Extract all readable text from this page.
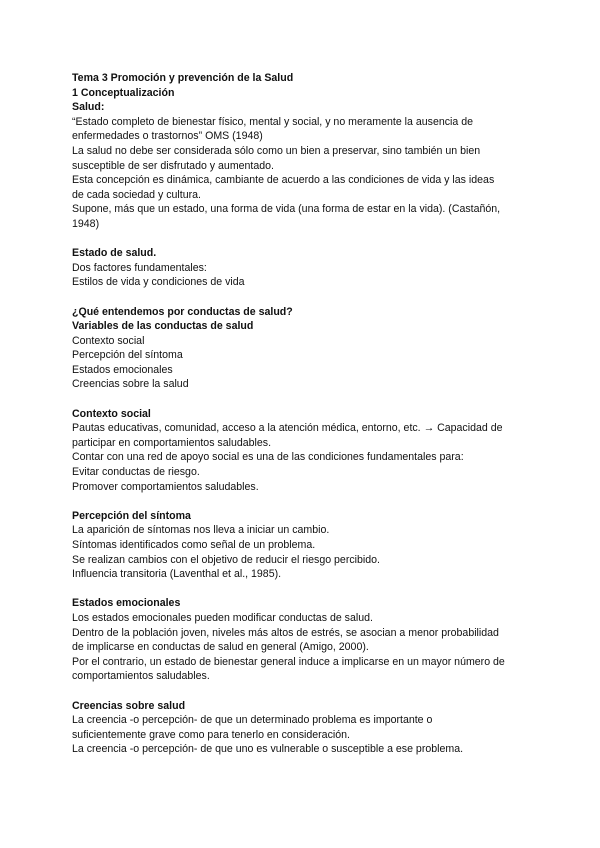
Tema 3 Promoción y prevención de la Salud
1 Conceptualización
Salud:
“Estado completo de bienestar físico, mental y social, y no meramente la ausencia de
enfermedades o trastornos” OMS (1948)
La salud no debe ser considerada sólo como un bien a preservar, sino también un bien
susceptible de ser disfrutado y aumentado.
Esta concepción es dinámica, cambiante de acuerdo a las condiciones de vida y las ideas
de cada sociedad y cultura.
Supone, más que un estado, una forma de vida (una forma de estar en la vida). (Castañón,
1948)
Estado de salud.
Dos factores fundamentales:
Estilos de vida y condiciones de vida
¿Qué entendemos por conductas de salud?
Variables de las conductas de salud
Contexto social
Percepción del síntoma
Estados emocionales
Creencias sobre la salud
Contexto social
Pautas educativas, comunidad, acceso a la atención médica, entorno, etc. → Capacidad de
participar en comportamientos saludables.
Contar con una red de apoyo social es una de las condiciones fundamentales para:
Evitar conductas de riesgo.
Promover comportamientos saludables.
Percepción del síntoma
La aparición de síntomas nos lleva a iniciar un cambio.
Síntomas identificados como señal de un problema.
Se realizan cambios con el objetivo de reducir el riesgo percibido.
Influencia transitoria (Laventhal et al., 1985).
Estados emocionales
Los estados emocionales pueden modificar conductas de salud.
Dentro de la población joven, niveles más altos de estrés, se asocian a menor probabilidad
de implicarse en conductas de salud en general (Amigo, 2000).
Por el contrario, un estado de bienestar general induce a implicarse en un mayor número de
comportamientos saludables.
Creencias sobre salud
La creencia -o percepción- de que un determinado problema es importante o
suficientemente grave como para tenerlo en consideración.
La creencia -o percepción- de que uno es vulnerable o susceptible a ese problema.
